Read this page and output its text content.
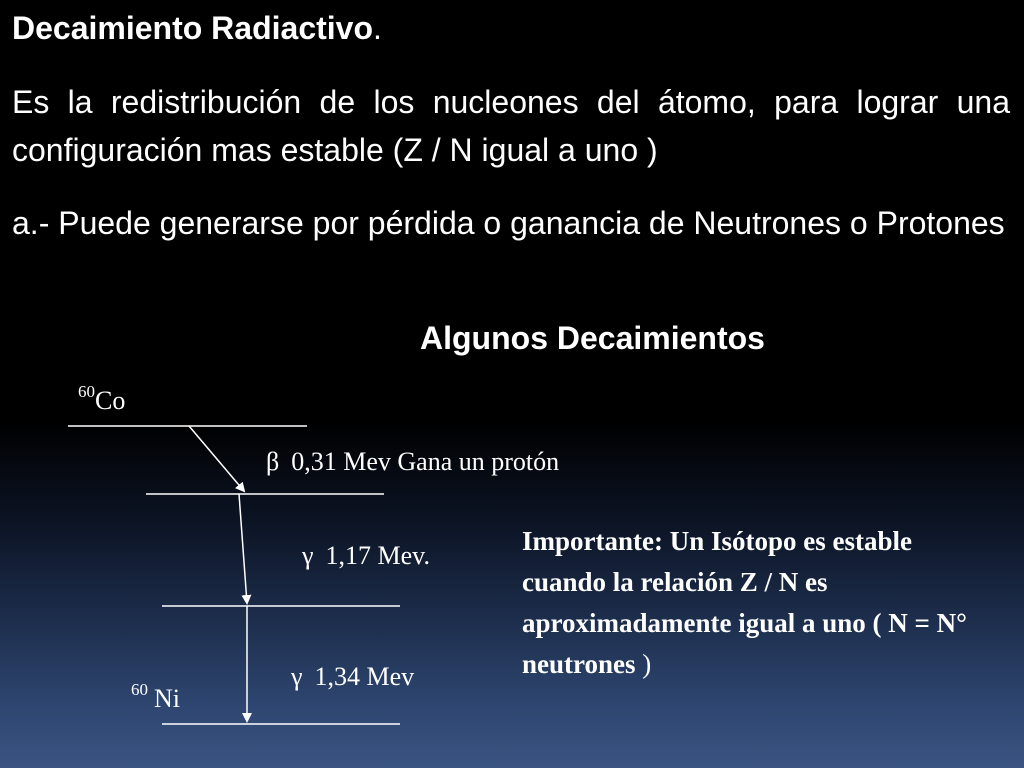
Decaimiento Radiactivo.
Es la redistribución de los nucleones del átomo, para lograr una configuración mas estable (Z / N igual a uno )
a.- Puede generarse por pérdida o ganancia de Neutrones o Protones
Algunos Decaimientos
$^{60}$Co
$^{60}$ Ni
β 0,31 Mev Gana un protón
γ 1,17 Mev.
γ 1,34 Mev
Importante: Un Isótopo es estable cuando la relación Z / N es aproximadamente igual a uno ( N = N° neutrones )
